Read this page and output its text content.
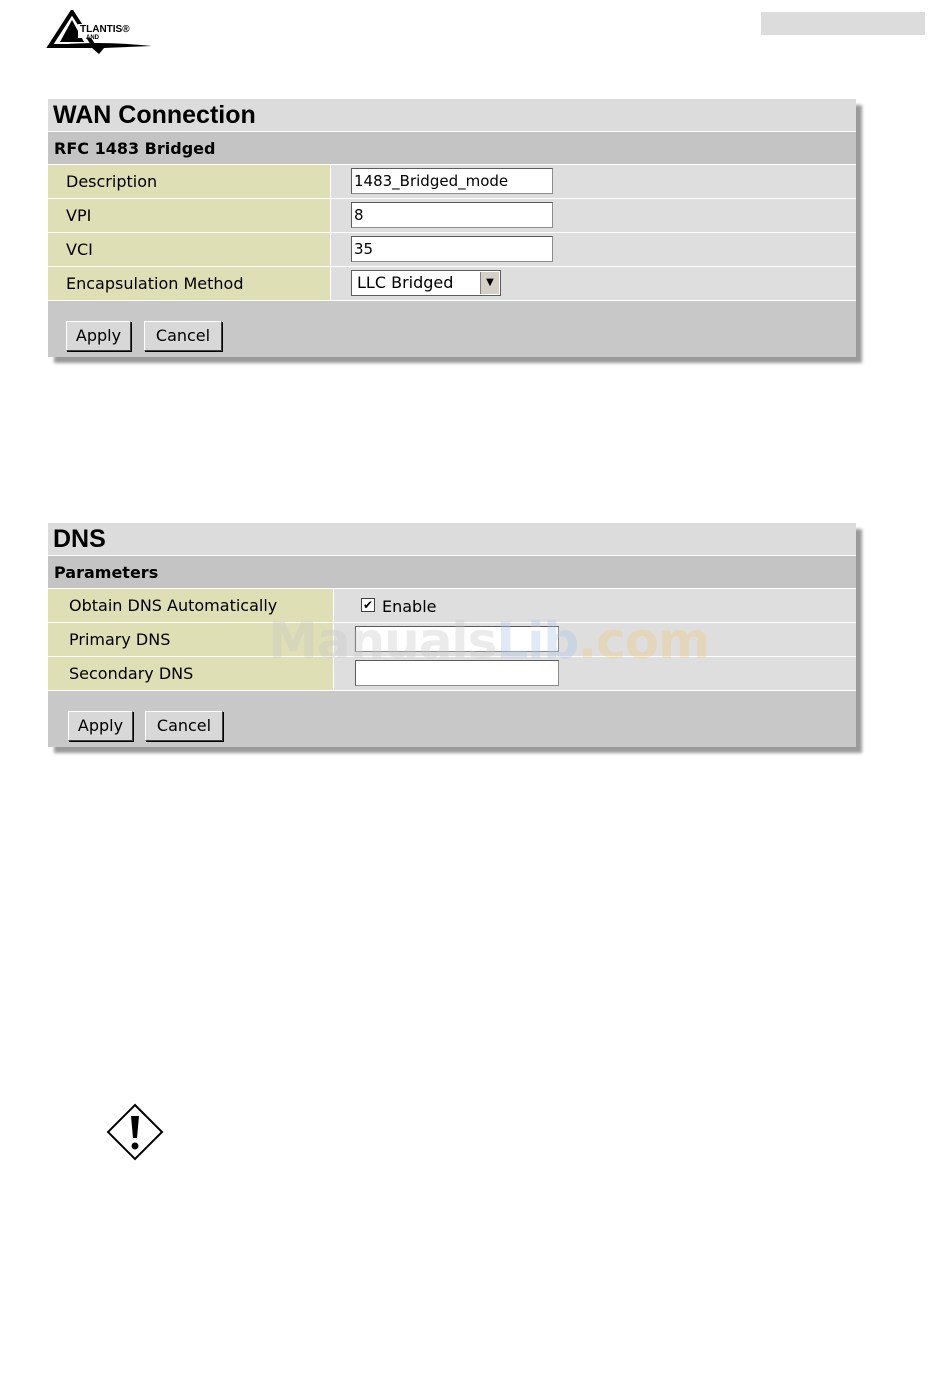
TLANTIS®
AND
WAN Connection
RFC 1483 Bridged
Description	1483_Bridged_mode
VPI	8
VCI	35
Encapsulation Method	LLC Bridged	▼
Apply	Cancel
DNS
Parameters
Obtain DNS Automatically	✔ Enable
Primary DNS
Secondary DNS
Apply	Cancel
ManualsLib.com
